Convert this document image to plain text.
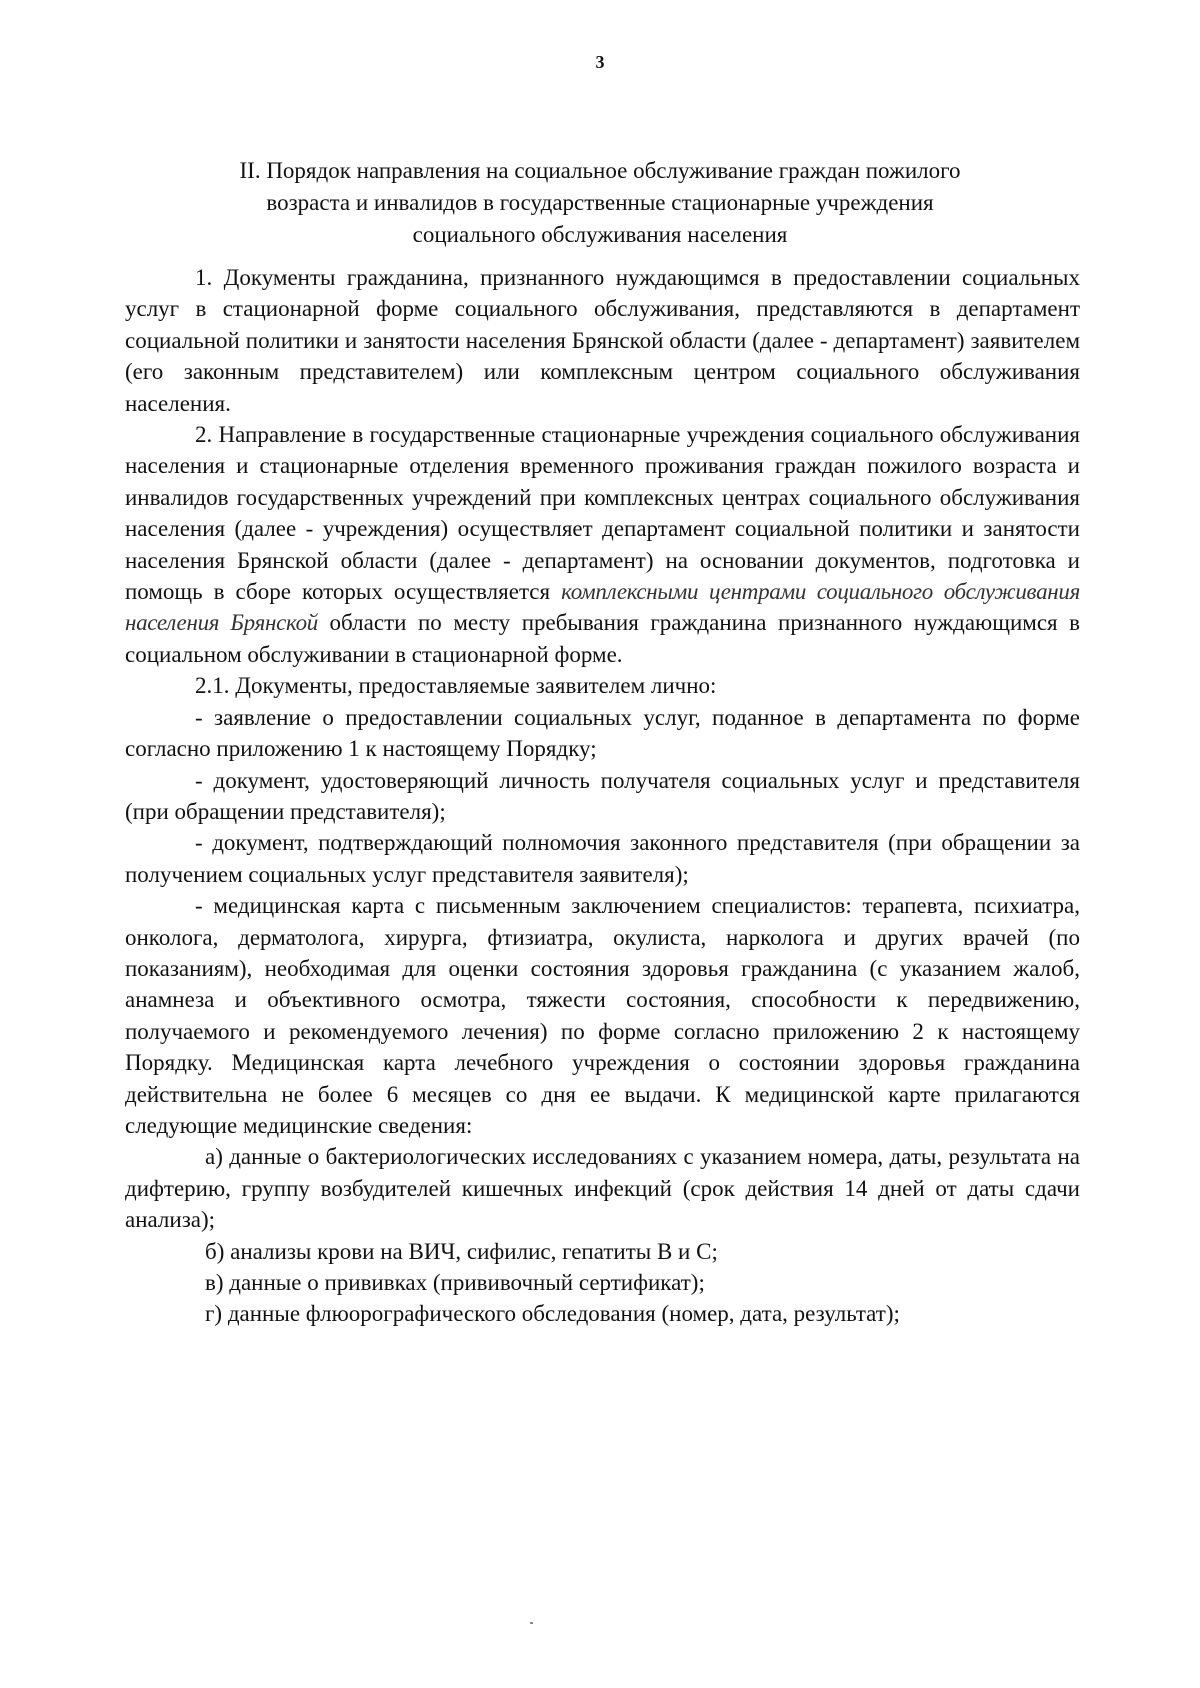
3
II. Порядок направления на социальное обслуживание граждан пожилого
возраста и инвалидов в государственные стационарные учреждения
социального обслуживания населения

1. Документы гражданина, признанного нуждающимся в предоставлении социальных услуг в стационарной форме социального обслуживания, представляются в департамент социальной политики и занятости населения Брянской области (далее - департамент) заявителем (его законным представителем) или комплексным центром социального обслуживания населения.

2. Направление в государственные стационарные учреждения социального обслуживания населения и стационарные отделения временного проживания граждан пожилого возраста и инвалидов государственных учреждений при комплексных центрах социального обслуживания населения (далее - учреждения) осуществляет департамент социальной политики и занятости населения Брянской области (далее - департамент) на основании документов, подготовка и помощь в сборе которых осуществляется комплексными центрами социального обслуживания населения Брянской области по месту пребывания гражданина признанного нуждающимся в социальном обслуживании в стационарной форме.

2.1. Документы, предоставляемые заявителем лично:

- заявление о предоставлении социальных услуг, поданное в департамента по форме согласно приложению 1 к настоящему Порядку;

- документ, удостоверяющий личность получателя социальных услуг и представителя (при обращении представителя);

- документ, подтверждающий полномочия законного представителя (при обращении за получением социальных услуг представителя заявителя);

- медицинская карта с письменным заключением специалистов: терапевта, психиатра, онколога, дерматолога, хирурга, фтизиатра, окулиста, нарколога и других врачей (по показаниям), необходимая для оценки состояния здоровья гражданина (с указанием жалоб, анамнеза и объективного осмотра, тяжести состояния, способности к передвижению, получаемого и рекомендуемого лечения) по форме согласно приложению 2 к настоящему Порядку. Медицинская карта лечебного учреждения о состоянии здоровья гражданина действительна не более 6 месяцев со дня ее выдачи. К медицинской карте прилагаются следующие медицинские сведения:

а) данные о бактериологических исследованиях с указанием номера, даты, результата на дифтерию, группу возбудителей кишечных инфекций (срок действия 14 дней от даты сдачи анализа);

б) анализы крови на ВИЧ, сифилис, гепатиты В и С;

в) данные о прививках (прививочный сертификат);

г) данные флюорографического обследования (номер, дата, результат);
